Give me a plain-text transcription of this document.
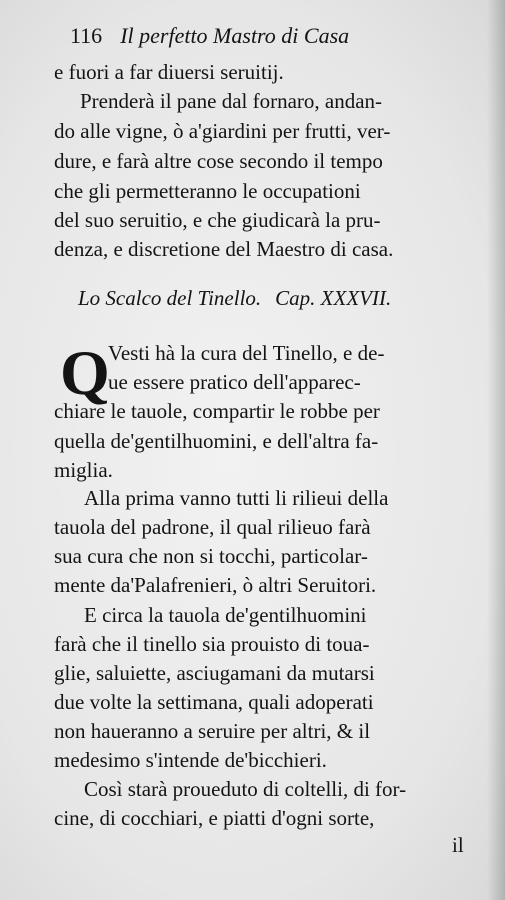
116 Il perfetto Mastro di Casa
e fuori a far diuersi seruitij.
Prenderà il pane dal fornaro, andan-
do alle vigne, ò a'giardini per frutti, ver-
dure, e farà altre cose secondo il tempo
che gli permetteranno le occupationi
del suo seruitio, e che giudicarà la pru-
denza, e discretione del Maestro di casa.
Lo Scalco del Tinello. Cap. XXXVII.
Q
Vesti hà la cura del Tinello, e de-
ue essere pratico dell'apparec-
chiare le tauole, compartir le robbe per
quella de'gentilhuomini, e dell'altra fa-
miglia.
Alla prima vanno tutti li rilieui della
tauola del padrone, il qual rilieuo farà
sua cura che non si tocchi, particolar-
mente da'Palafrenieri, ò altri Seruitori.
E circa la tauola de'gentilhuomini
farà che il tinello sia prouisto di toua-
glie, saluiette, asciugamani da mutarsi
due volte la settimana, quali adoperati
non haueranno a seruire per altri, & il
medesimo s'intende de'bicchieri.
Così starà proueduto di coltelli, di for-
cine, di cocchiari, e piatti d'ogni sorte,
il
